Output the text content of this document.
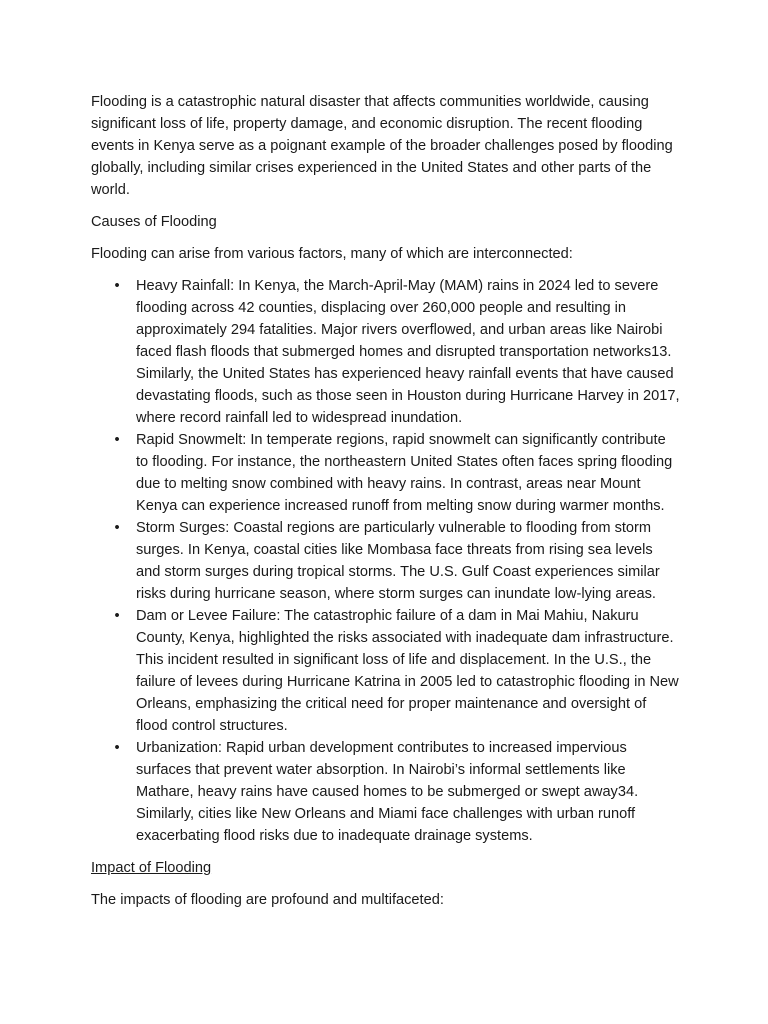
Flooding is a catastrophic natural disaster that affects communities worldwide, causing significant loss of life, property damage, and economic disruption. The recent flooding events in Kenya serve as a poignant example of the broader challenges posed by flooding globally, including similar crises experienced in the United States and other parts of the world.

Causes of Flooding

Flooding can arise from various factors, many of which are interconnected:

• Heavy Rainfall: In Kenya, the March-April-May (MAM) rains in 2024 led to severe flooding across 42 counties, displacing over 260,000 people and resulting in approximately 294 fatalities. Major rivers overflowed, and urban areas like Nairobi faced flash floods that submerged homes and disrupted transportation networks13. Similarly, the United States has experienced heavy rainfall events that have caused devastating floods, such as those seen in Houston during Hurricane Harvey in 2017, where record rainfall led to widespread inundation.
• Rapid Snowmelt: In temperate regions, rapid snowmelt can significantly contribute to flooding. For instance, the northeastern United States often faces spring flooding due to melting snow combined with heavy rains. In contrast, areas near Mount Kenya can experience increased runoff from melting snow during warmer months.
• Storm Surges: Coastal regions are particularly vulnerable to flooding from storm surges. In Kenya, coastal cities like Mombasa face threats from rising sea levels and storm surges during tropical storms. The U.S. Gulf Coast experiences similar risks during hurricane season, where storm surges can inundate low-lying areas.
• Dam or Levee Failure: The catastrophic failure of a dam in Mai Mahiu, Nakuru County, Kenya, highlighted the risks associated with inadequate dam infrastructure. This incident resulted in significant loss of life and displacement. In the U.S., the failure of levees during Hurricane Katrina in 2005 led to catastrophic flooding in New Orleans, emphasizing the critical need for proper maintenance and oversight of flood control structures.
• Urbanization: Rapid urban development contributes to increased impervious surfaces that prevent water absorption. In Nairobi’s informal settlements like Mathare, heavy rains have caused homes to be submerged or swept away34. Similarly, cities like New Orleans and Miami face challenges with urban runoff exacerbating flood risks due to inadequate drainage systems.

Impact of Flooding

The impacts of flooding are profound and multifaceted:
